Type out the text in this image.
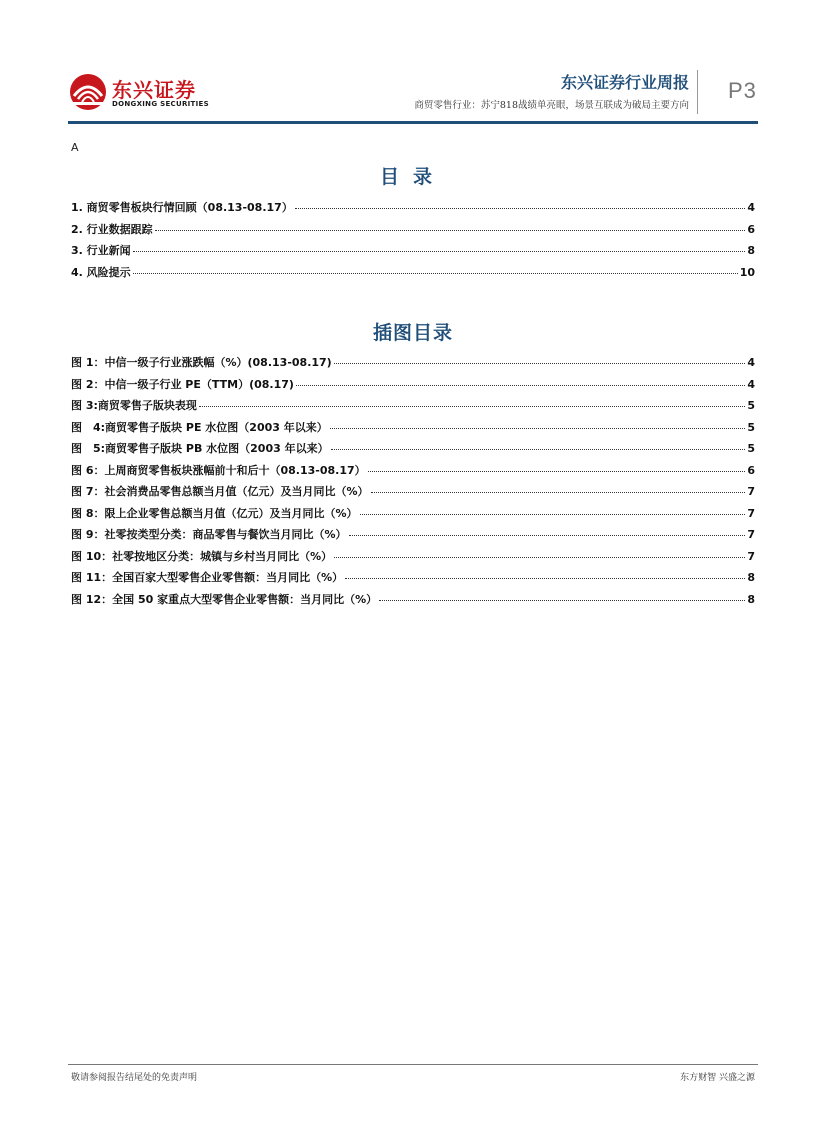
东兴证券
DONGXING SECURITIES
东兴证券行业周报
商贸零售行业：苏宁818战绩单亮眼，场景互联成为破局主要方向
P3
A
目录
1. 商贸零售板块行情回顾（08.13-08.17）	4
2. 行业数据跟踪	6
3. 行业新闻	8
4. 风险提示	10
插图目录
图 1：中信一级子行业涨跌幅（%）(08.13-08.17)	4
图 2：中信一级子行业 PE（TTM）(08.17)	4
图 3:商贸零售子版块表现	5
图　4:商贸零售子版块 PE 水位图（2003 年以来）	5
图　5:商贸零售子版块 PB 水位图（2003 年以来）	5
图 6：上周商贸零售板块涨幅前十和后十（08.13-08.17）	6
图 7：社会消费品零售总额当月值（亿元）及当月同比（%）	7
图 8：限上企业零售总额当月值（亿元）及当月同比（%）	7
图 9：社零按类型分类：商品零售与餐饮当月同比（%）	7
图 10：社零按地区分类：城镇与乡村当月同比（%）	7
图 11：全国百家大型零售企业零售额：当月同比（%）	8
图 12：全国 50 家重点大型零售企业零售额：当月同比（%）	8
敬请参阅报告结尾处的免责声明	东方财智 兴盛之源
